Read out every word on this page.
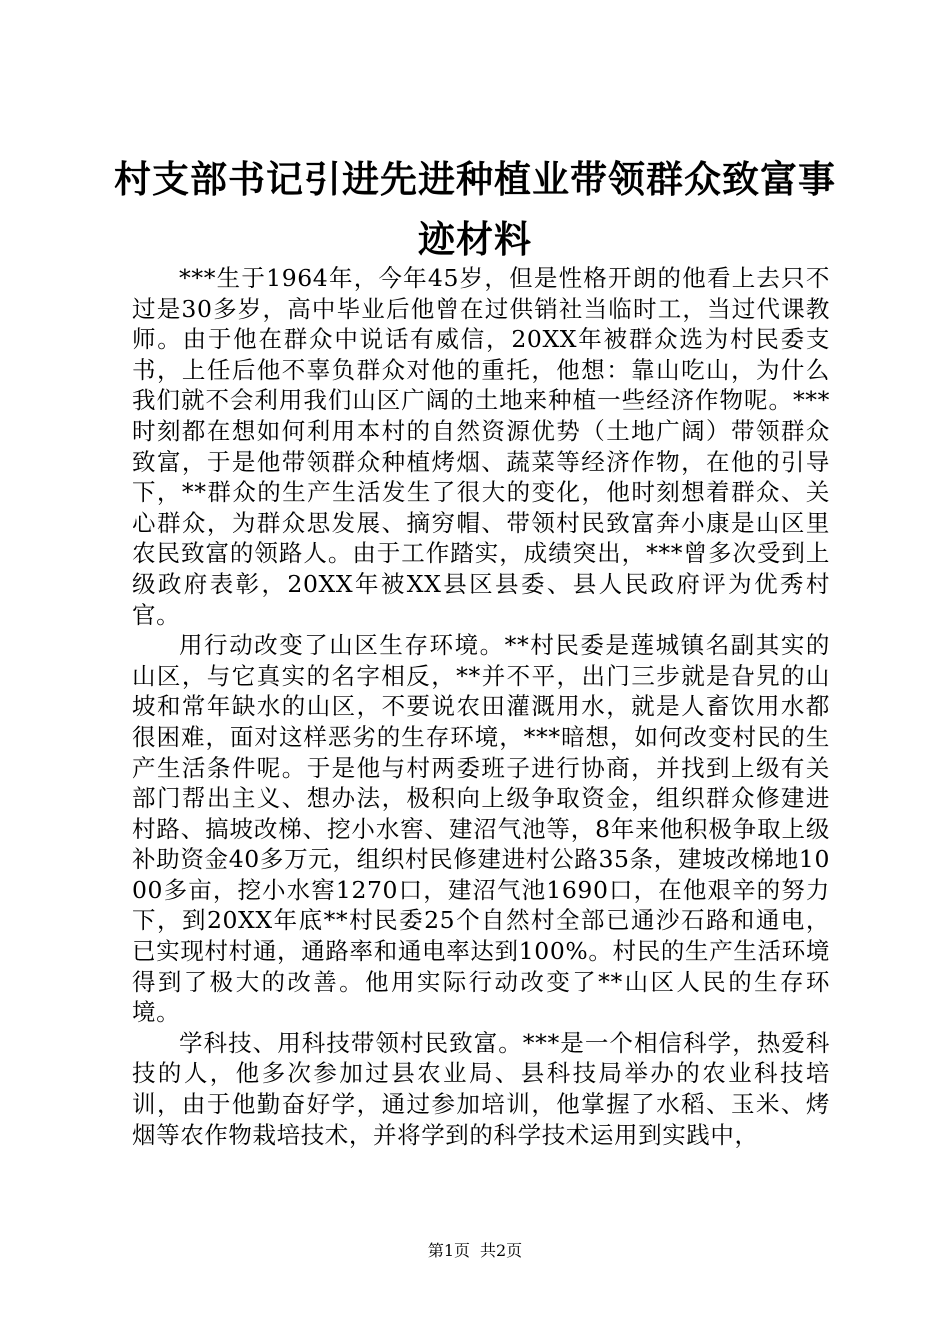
村支部书记引进先进种植业带领群众致富事迹材料

***生于1964年，今年45岁，但是性格开朗的他看上去只不过是30多岁，高中毕业后他曾在过供销社当临时工，当过代课教师。由于他在群众中说话有威信，20XX年被群众选为村民委支书，上任后他不辜负群众对他的重托，他想：靠山吃山，为什么我们就不会利用我们山区广阔的土地来种植一些经济作物呢。***时刻都在想如何利用本村的自然资源优势（土地广阔）带领群众致富，于是他带领群众种植烤烟、蔬菜等经济作物，在他的引导下，**群众的生产生活发生了很大的变化，他时刻想着群众、关心群众，为群众思发展、摘穷帽、带领村民致富奔小康是山区里农民致富的领路人。由于工作踏实，成绩突出，***曾多次受到上级政府表彰，20XX年被XX县区县委、县人民政府评为优秀村官。

用行动改变了山区生存环境。**村民委是莲城镇名副其实的山区，与它真实的名字相反，**并不平，出门三步就是旮旯的山坡和常年缺水的山区，不要说农田灌溉用水，就是人畜饮用水都很困难，面对这样恶劣的生存环境，***暗想，如何改变村民的生产生活条件呢。于是他与村两委班子进行协商，并找到上级有关部门帮出主义、想办法，极积向上级争取资金，组织群众修建进村路、搞坡改梯、挖小水窖、建沼气池等，8年来他积极争取上级补助资金40多万元，组织村民修建进村公路35条，建坡改梯地1000多亩，挖小水窖1270口，建沼气池1690口，在他艰辛的努力下，到20XX年底**村民委25个自然村全部已通沙石路和通电，已实现村村通，通路率和通电率达到100%。村民的生产生活环境得到了极大的改善。他用实际行动改变了**山区人民的生存环境。

学科技、用科技带领村民致富。***是一个相信科学，热爱科技的人，他多次参加过县农业局、县科技局举办的农业科技培训，由于他勤奋好学，通过参加培训，他掌握了水稻、玉米、烤烟等农作物栽培技术，并将学到的科学技术运用到实践中，

第1页 共2页
